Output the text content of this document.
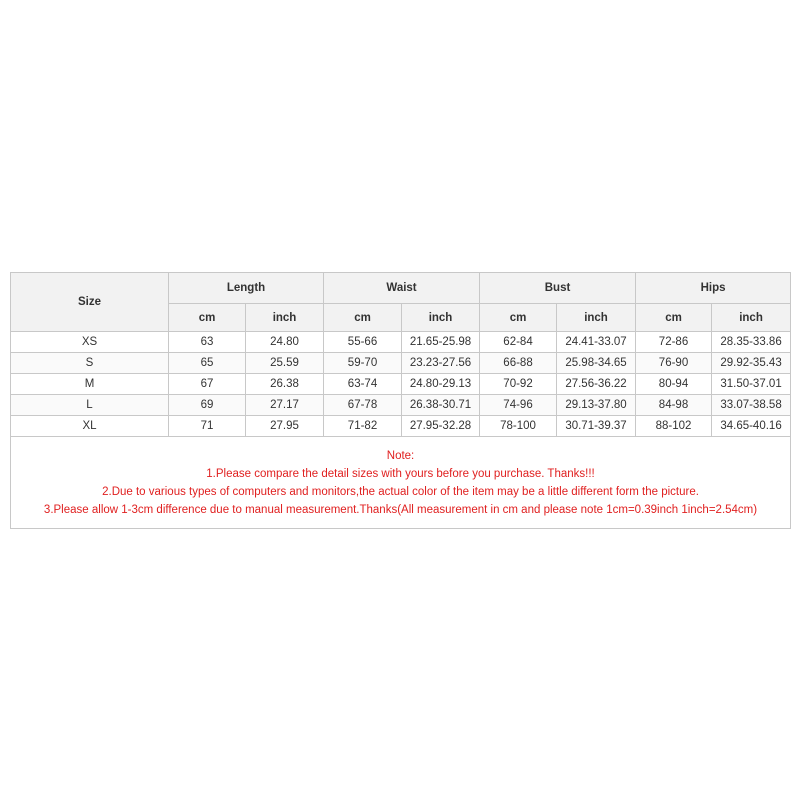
Size	Length		Waist		Bust		Hips	
	cm	inch	cm	inch	cm	inch	cm	inch
XS	63	24.80	55-66	21.65-25.98	62-84	24.41-33.07	72-86	28.35-33.86
S	65	25.59	59-70	23.23-27.56	66-88	25.98-34.65	76-90	29.92-35.43
M	67	26.38	63-74	24.80-29.13	70-92	27.56-36.22	80-94	31.50-37.01
L	69	27.17	67-78	26.38-30.71	74-96	29.13-37.80	84-98	33.07-38.58
XL	71	27.95	71-82	27.95-32.28	78-100	30.71-39.37	88-102	34.65-40.16

Note:

1.Please compare the detail sizes with yours before you purchase. Thanks!!!

2.Due to various types of computers and monitors,the actual color of the item may be a little different form the picture.

3.Please allow 1-3cm difference due to manual measurement.Thanks(All measurement in cm and please note 1cm=0.39inch 1inch=2.54cm)								
